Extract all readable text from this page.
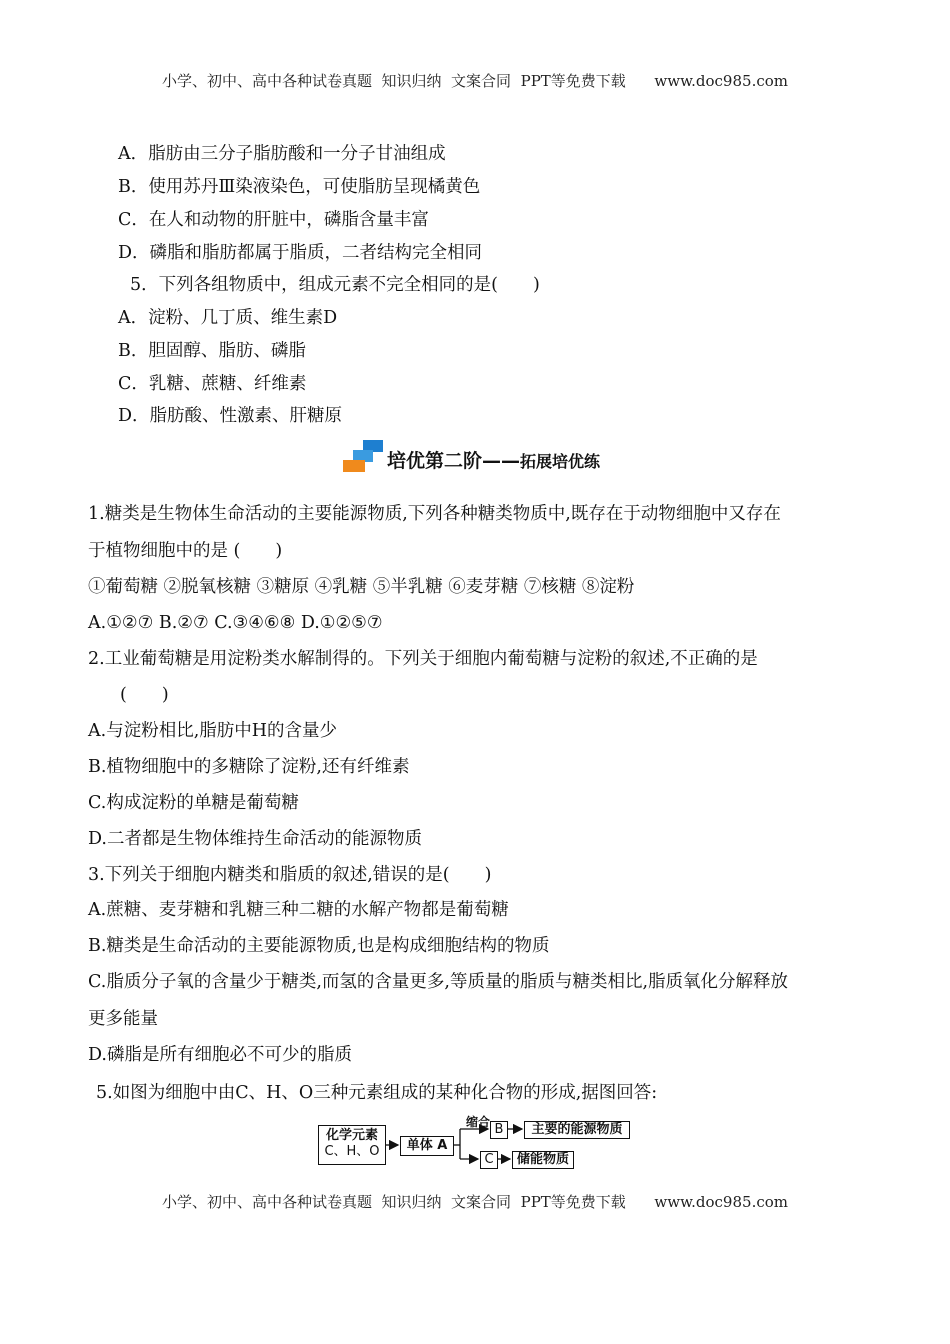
小学、初中、高中各种试卷真题  知识归纳  文案合同  PPT等免费下载      www.doc985.com
A．脂肪由三分子脂肪酸和一分子甘油组成
B．使用苏丹Ⅲ染液染色，可使脂肪呈现橘黄色
C．在人和动物的肝脏中，磷脂含量丰富
D．磷脂和脂肪都属于脂质，二者结构完全相同
5．下列各组物质中，组成元素不完全相同的是(　　)
A．淀粉、几丁质、维生素D
B．胆固醇、脂肪、磷脂
C．乳糖、蔗糖、纤维素
D．脂肪酸、性激素、肝糖原
培优第二阶——拓展培优练
1.糖类是生物体生命活动的主要能源物质,下列各种糖类物质中,既存在于动物细胞中又存在
于植物细胞中的是 (　　)
①葡萄糖 ②脱氧核糖 ③糖原 ④乳糖 ⑤半乳糖 ⑥麦芽糖 ⑦核糖 ⑧淀粉
A.①②⑦ B.②⑦ C.③④⑥⑧ D.①②⑤⑦
2.工业葡萄糖是用淀粉类水解制得的。下列关于细胞内葡萄糖与淀粉的叙述,不正确的是
(　　)
A.与淀粉相比,脂肪中H的含量少
B.植物细胞中的多糖除了淀粉,还有纤维素
C.构成淀粉的单糖是葡萄糖
D.二者都是生物体维持生命活动的能源物质
3.下列关于细胞内糖类和脂质的叙述,错误的是(　　)
A.蔗糖、麦芽糖和乳糖三种二糖的水解产物都是葡萄糖
B.糖类是生命活动的主要能源物质,也是构成细胞结构的物质
C.脂质分子氧的含量少于糖类,而氢的含量更多,等质量的脂质与糖类相比,脂质氧化分解释放
更多能量
D.磷脂是所有细胞必不可少的脂质
5.如图为细胞中由C、H、O三种元素组成的某种化合物的形成,据图回答:
化学元素
C、H、O	单体 A
缩合 B	主要的能源物质
C	储能物质
小学、初中、高中各种试卷真题  知识归纳  文案合同  PPT等免费下载      www.doc985.com
